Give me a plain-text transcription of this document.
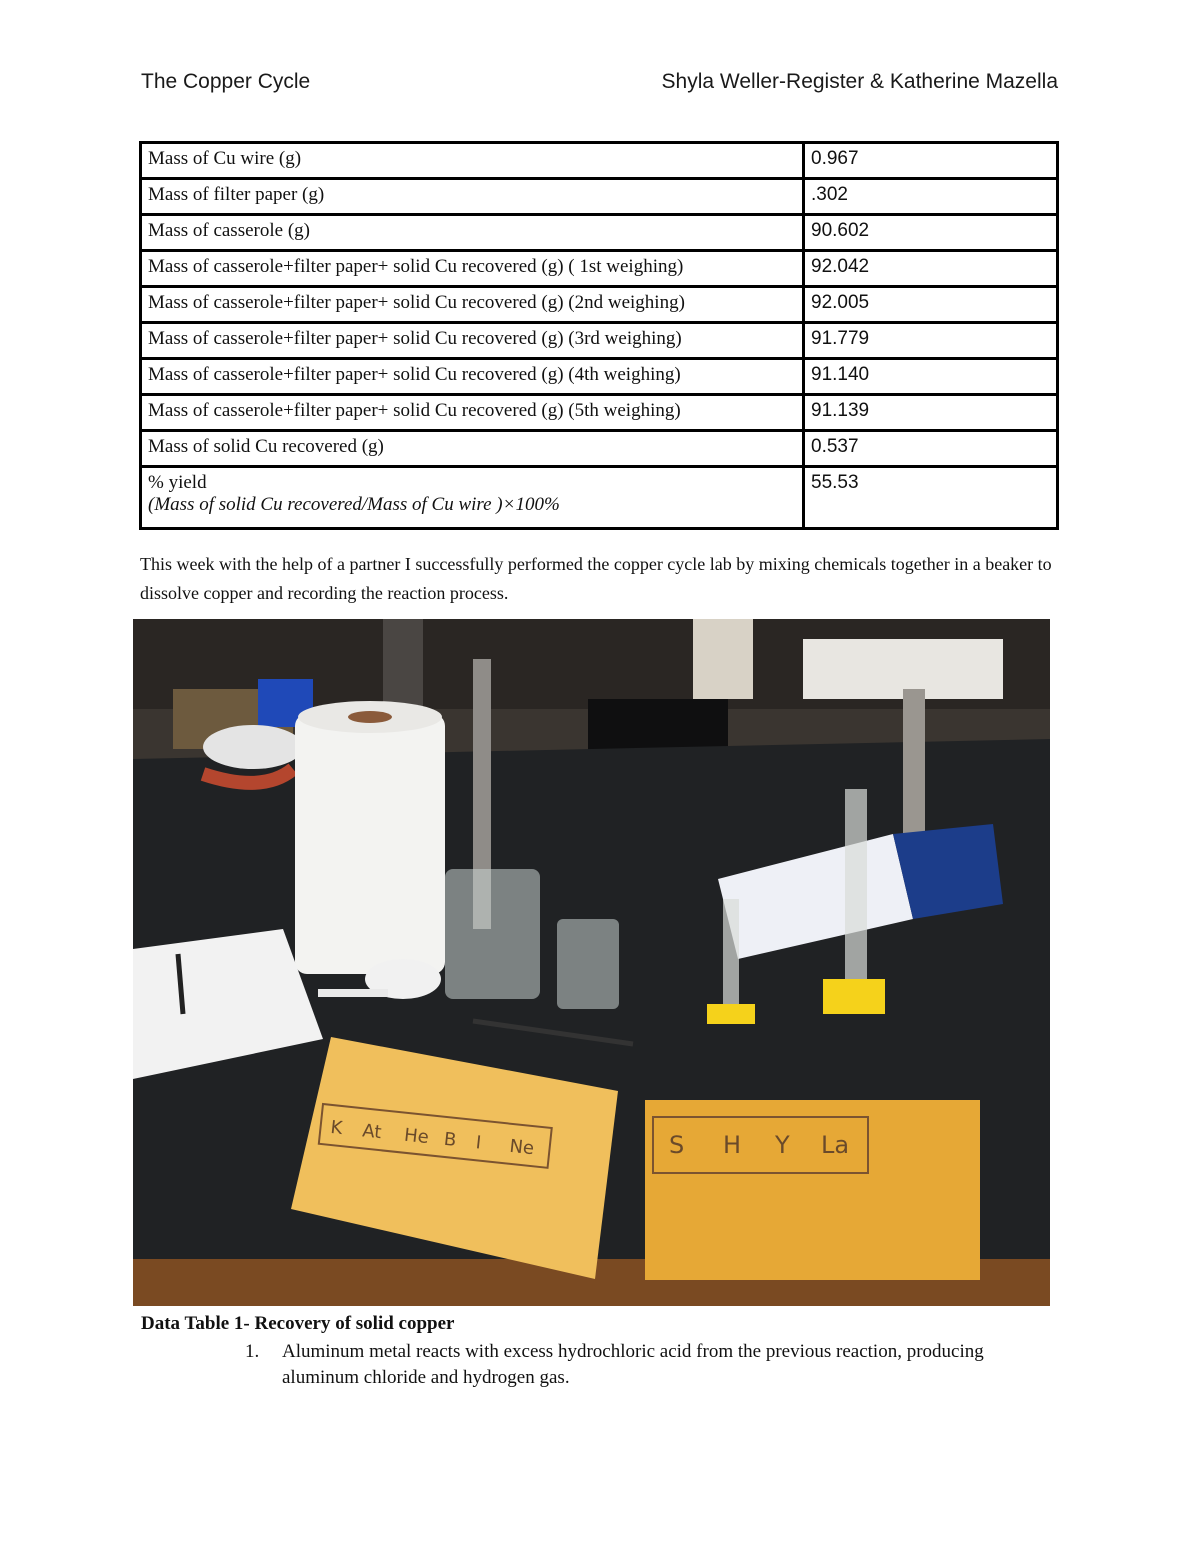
The Copper Cycle	Shyla Weller-Register & Katherine Mazella
Mass of Cu wire (g)	0.967
Mass of filter paper (g)	.302
Mass of casserole (g)	90.602
Mass of casserole+filter paper+ solid Cu recovered (g) ( 1st weighing)	92.042
Mass of casserole+filter paper+ solid Cu recovered (g) (2nd weighing)	92.005
Mass of casserole+filter paper+ solid Cu recovered (g) (3rd weighing)	91.779
Mass of casserole+filter paper+ solid Cu recovered (g) (4th weighing)	91.140
Mass of casserole+filter paper+ solid Cu recovered (g) (5th weighing)	91.139
Mass of solid Cu recovered (g)	0.537
% yield
(Mass of solid Cu recovered/Mass of Cu wire )×100%	55.53
This week with the help of a partner I successfully performed the copper cycle lab by mixing chemicals together in a beaker to dissolve copper and recording the reaction process.
K At He B I Ne	S H Y La
Data Table 1- Recovery of solid copper
1. Aluminum metal reacts with excess hydrochloric acid from the previous reaction, producing aluminum chloride and hydrogen gas.
